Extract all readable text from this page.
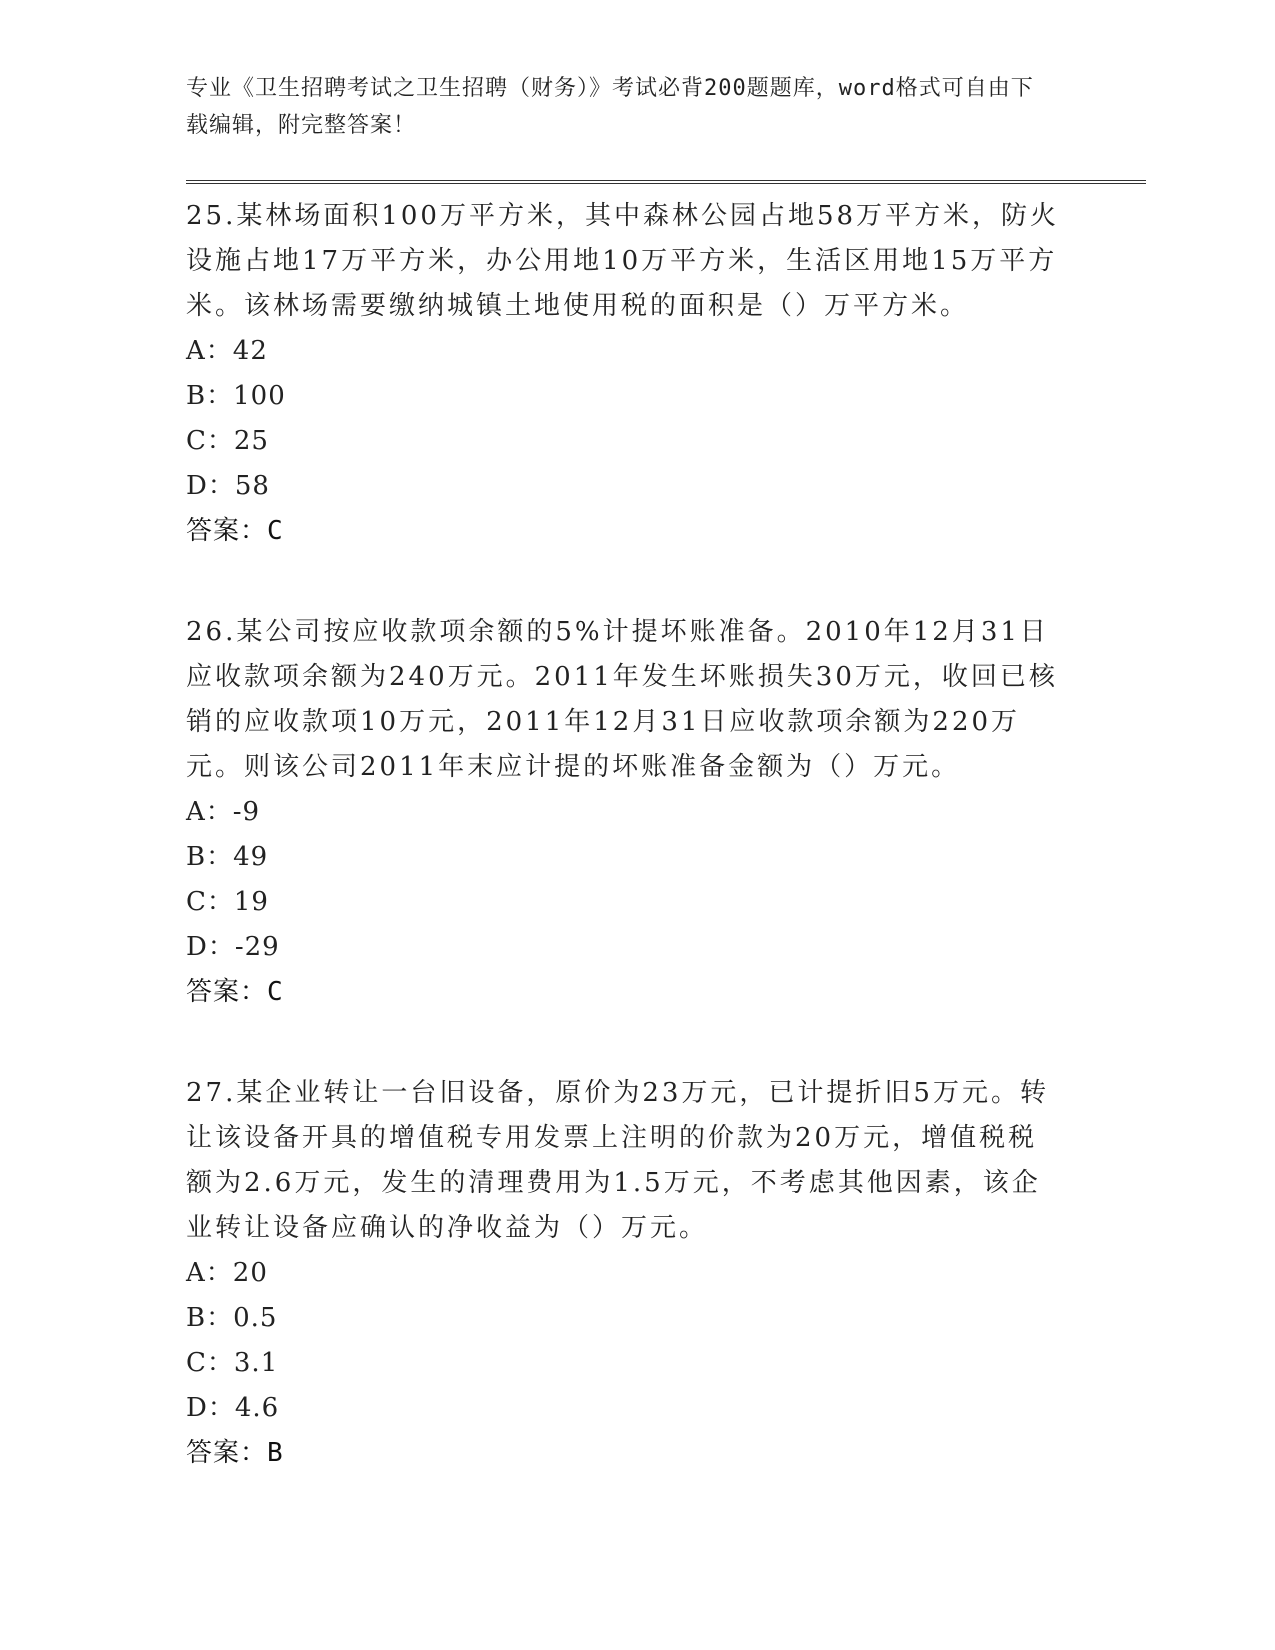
专业《卫生招聘考试之卫生招聘（财务）》考试必背200题题库，word格式可自由下载编辑，附完整答案！
25.某林场面积100万平方米，其中森林公园占地58万平方米，防火设施占地17万平方米，办公用地10万平方米，生活区用地15万平方米。该林场需要缴纳城镇土地使用税的面积是（）万平方米。
A：42
B：100
C：25
D：58
答案：C
26.某公司按应收款项余额的5%计提坏账准备。2010年12月31日应收款项余额为240万元。2011年发生坏账损失30万元，收回已核销的应收款项10万元，2011年12月31日应收款项余额为220万元。则该公司2011年末应计提的坏账准备金额为（）万元。
A：-9
B：49
C：19
D：-29
答案：C
27.某企业转让一台旧设备，原价为23万元，已计提折旧5万元。转让该设备开具的增值税专用发票上注明的价款为20万元，增值税税额为2.6万元，发生的清理费用为1.5万元，不考虑其他因素，该企业转让设备应确认的净收益为（）万元。
A：20
B：0.5
C：3.1
D：4.6
答案：B
